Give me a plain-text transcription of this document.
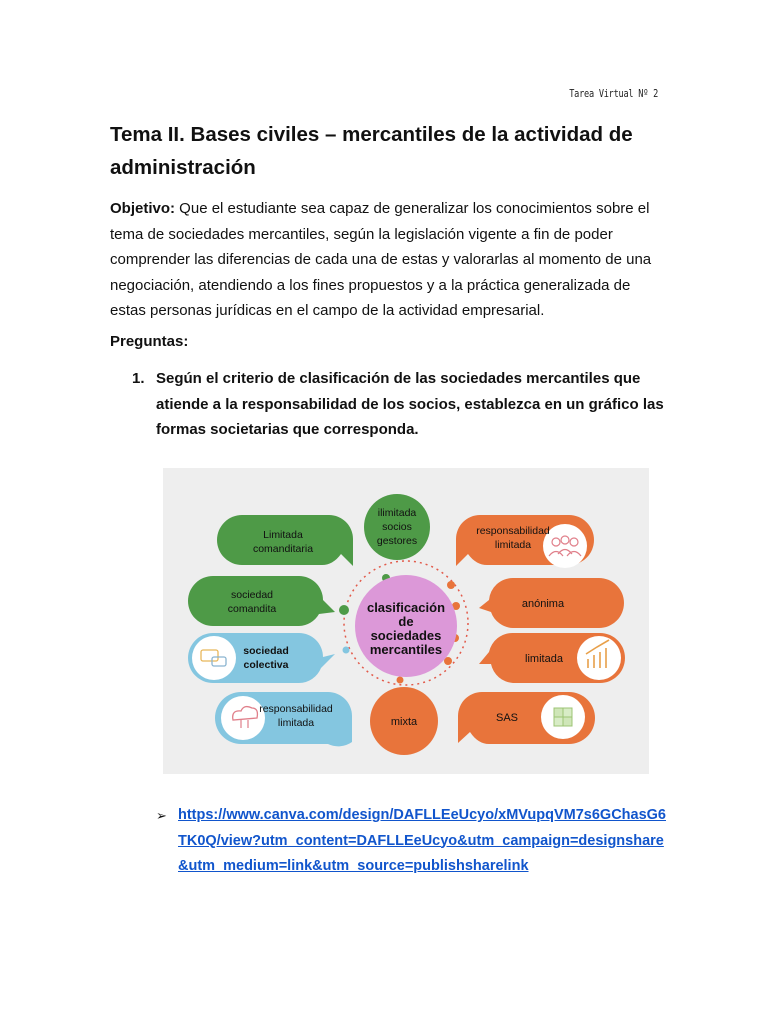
Tarea Virtual Nº 2
Tema II. Bases civiles – mercantiles de la actividad de administración
Objetivo: Que el estudiante sea capaz de generalizar los conocimientos sobre el tema de sociedades mercantiles, según la legislación vigente a fin de poder comprender las diferencias de cada una de estas y valorarlas al momento de una negociación, atendiendo a los fines propuestos y a la práctica generalizada de estas personas jurídicas en el campo de la actividad empresarial.
Preguntas:
1. Según el criterio de clasificación de las sociedades mercantiles que atiende a la responsabilidad de los socios, establezca en un gráfico las formas societarias que corresponda.
clasificación
de
sociedades
mercantiles
ilimitada
socios
gestores
Limitada
comanditaria
sociedad
comandita
sociedad
colectiva
responsabilidad
limitada	mixta
responsabilidad
limitada
anónima
limitada
SAS
➢ https://www.canva.com/design/DAFLLEeUcyo/xMVupqVM7s6GChasG6TK0Q/view?utm_content=DAFLLEeUcyo&utm_campaign=designshare&utm_medium=link&utm_source=publishsharelink
